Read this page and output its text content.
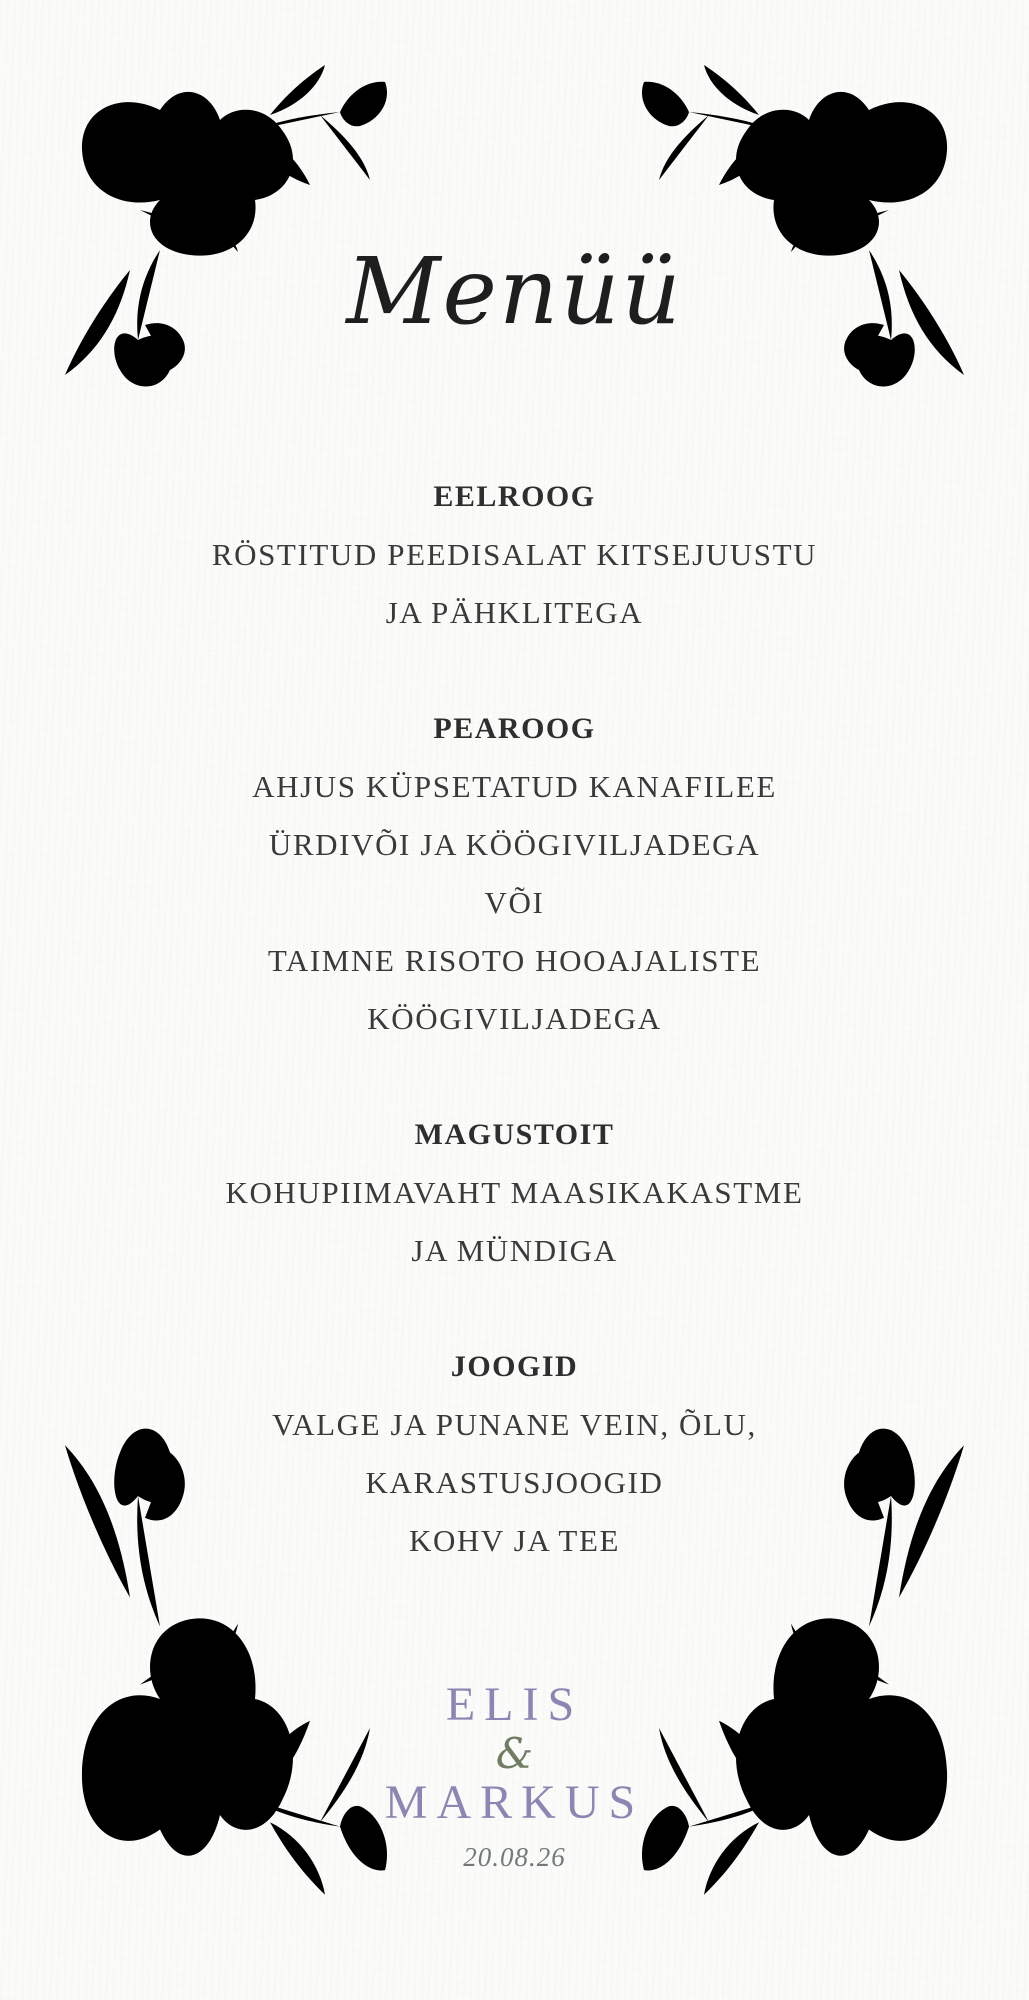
Menüü
EELROOG
RÖSTITUD PEEDISALAT KITSEJUUSTU
JA PÄHKLITEGA
PEAROOG
AHJUS KÜPSETATUD KANAFILEE
ÜRDIVÕI JA KÖÖGIVILJADEGA
VÕI
TAIMNE RISOTO HOOAJALISTE
KÖÖGIVILJADEGA
MAGUSTOIT
KOHUPIIMAVAHT MAASIKAKASTME
JA MÜNDIGA
JOOGID
VALGE JA PUNANE VEIN, ÕLU,
KARASTUSJOOGID
KOHV JA TEE
ELIS
&
MARKUS
20.08.26
